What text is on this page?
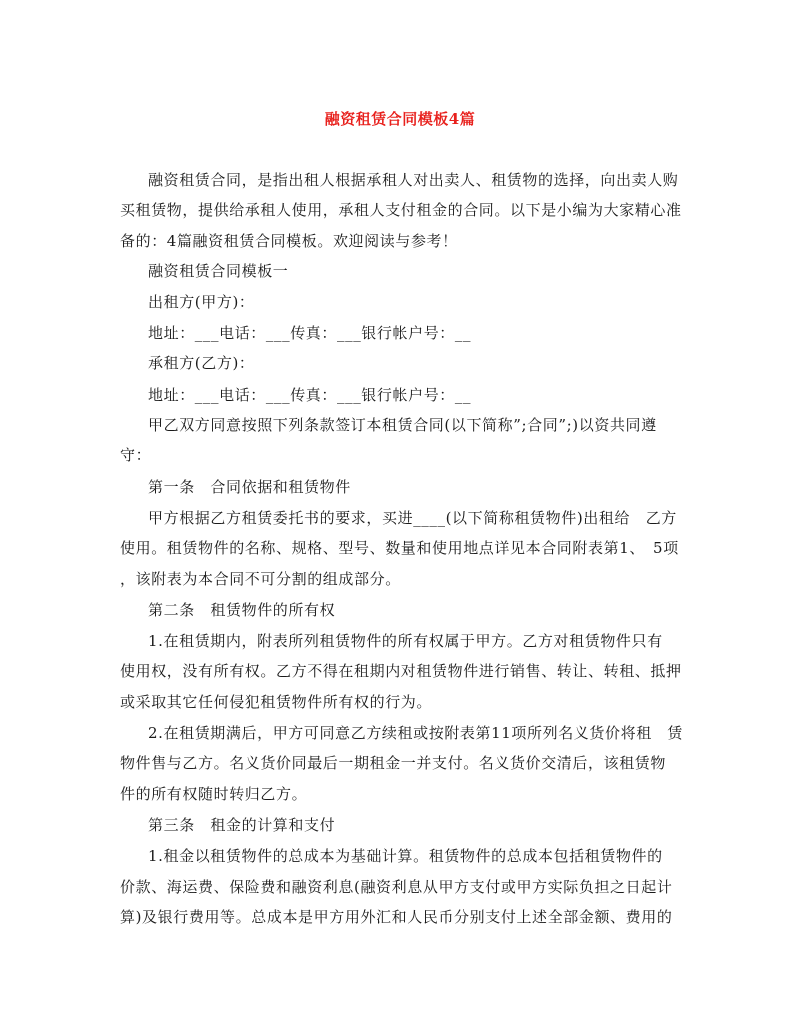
融资租赁合同模板4篇
融资租赁合同，是指出租人根据承租人对出卖人、租赁物的选择，向出卖人购
买租赁物，提供给承租人使用，承租人支付租金的合同。以下是小编为大家精心准
备的：4篇融资租赁合同模板。欢迎阅读与参考！
融资租赁合同模板一
出租方(甲方)：
地址：___电话：___传真：___银行帐户号：__
承租方(乙方)：
地址：___电话：___传真：___银行帐户号：__
甲乙双方同意按照下列条款签订本租赁合同(以下简称”;合同”;)以资共同遵
守：
第一条　合同依据和租赁物件
甲方根据乙方租赁委托书的要求，买进____(以下简称租赁物件)出租给　乙方
使用。租赁物件的名称、规格、型号、数量和使用地点详见本合同附表第1、　5项
，该附表为本合同不可分割的组成部分。
第二条　租赁物件的所有权
1.在租赁期内，附表所列租赁物件的所有权属于甲方。乙方对租赁物件只有
使用权，没有所有权。乙方不得在租期内对租赁物件进行销售、转让、转租、抵押
或采取其它任何侵犯租赁物件所有权的行为。
2.在租赁期满后，甲方可同意乙方续租或按附表第11项所列名义货价将租　赁
物件售与乙方。名义货价同最后一期租金一并支付。名义货价交清后，该租赁物
件的所有权随时转归乙方。
第三条　租金的计算和支付
1.租金以租赁物件的总成本为基础计算。租赁物件的总成本包括租赁物件的
价款、海运费、保险费和融资利息(融资利息从甲方支付或甲方实际负担之日起计
算)及银行费用等。总成本是甲方用外汇和人民币分别支付上述全部金额、费用的
